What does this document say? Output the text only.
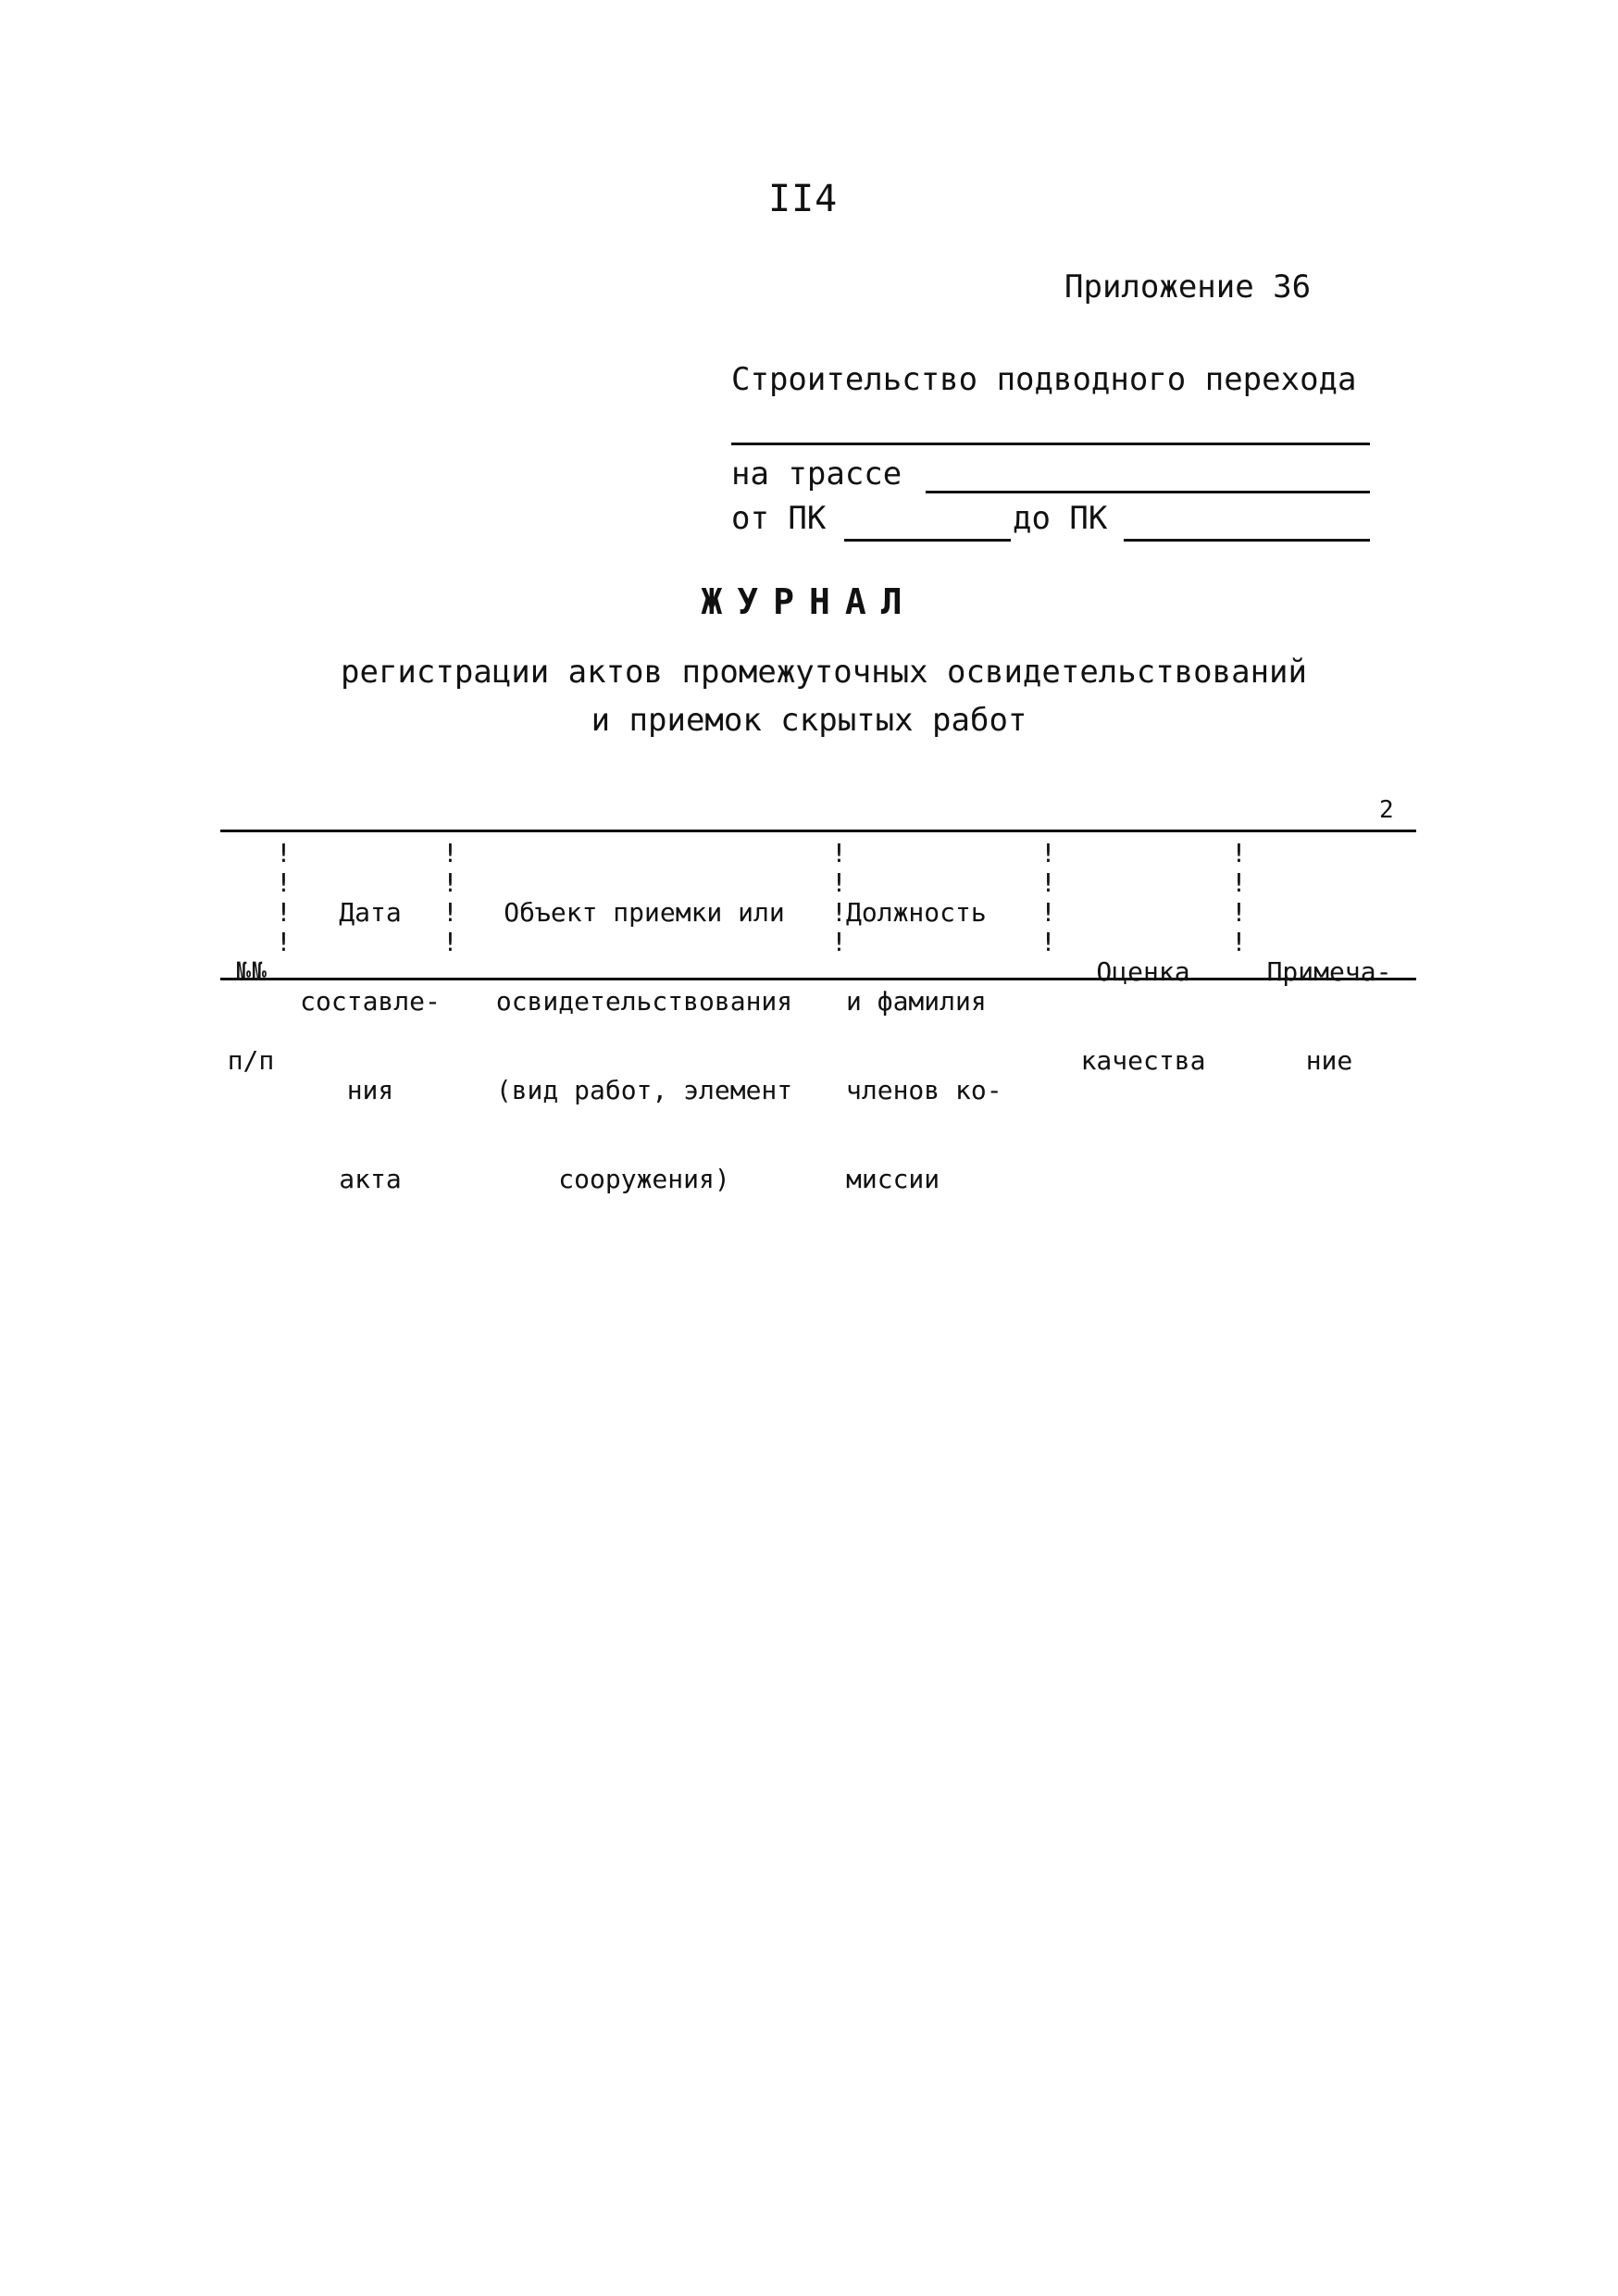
II4
Приложение 36
Строительство подводного перехода
на трассе
от ПК	до ПК
ЖУРНАЛ
регистрации актов промежуточных освидетельствований
и приемок скрытых работ
2

№№

п/п

!
!
!
!

Дата

составле-

ния

акта

!
!
!
!

Объект приемки или

освидетельствования

(вид работ, элемент

сооружения)

!
!
!
!

Должность

и фамилия

членов ко-

миссии

!
!
!
!

Оценка

качества

!
!
!
!

Примеча-

ние
